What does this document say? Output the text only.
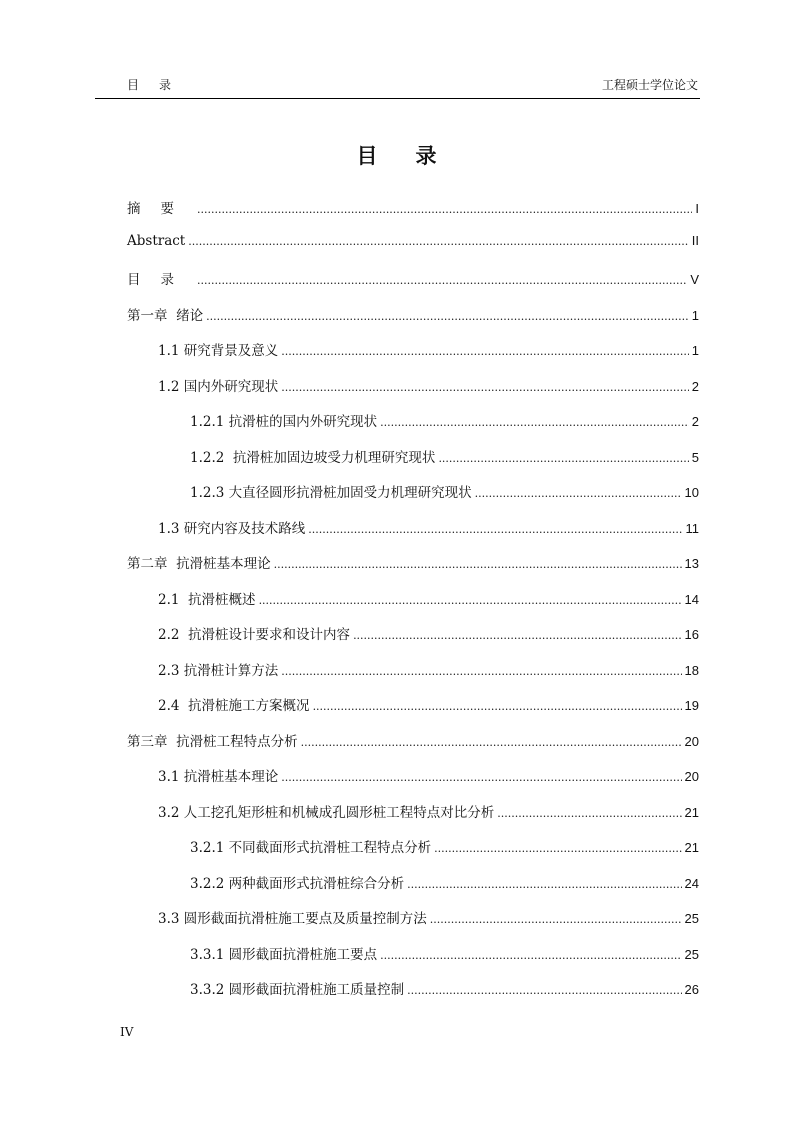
目录	工程硕士学位论文
目录
摘要 .....	I
Abstract .....	II
目录 .....	V
第一章  绪论 .....	1
1.1 研究背景及意义 .....	1
1.2 国内外研究现状 .....	2
1.2.1 抗滑桩的国内外研究现状 .....	2
1.2.2  抗滑桩加固边坡受力机理研究现状 .....	5
1.2.3 大直径圆形抗滑桩加固受力机理研究现状 .....	10
1.3 研究内容及技术路线 .....	11
第二章  抗滑桩基本理论 .....	13
2.1  抗滑桩概述 .....	14
2.2  抗滑桩设计要求和设计内容 .....	16
2.3 抗滑桩计算方法 .....	18
2.4  抗滑桩施工方案概况 .....	19
第三章  抗滑桩工程特点分析 .....	20
3.1 抗滑桩基本理论 .....	20
3.2 人工挖孔矩形桩和机械成孔圆形桩工程特点对比分析 .....	21
3.2.1 不同截面形式抗滑桩工程特点分析 .....	21
3.2.2 两种截面形式抗滑桩综合分析 .....	24
3.3 圆形截面抗滑桩施工要点及质量控制方法 .....	25
3.3.1 圆形截面抗滑桩施工要点 .....	25
3.3.2 圆形截面抗滑桩施工质量控制 .....	26
IV
